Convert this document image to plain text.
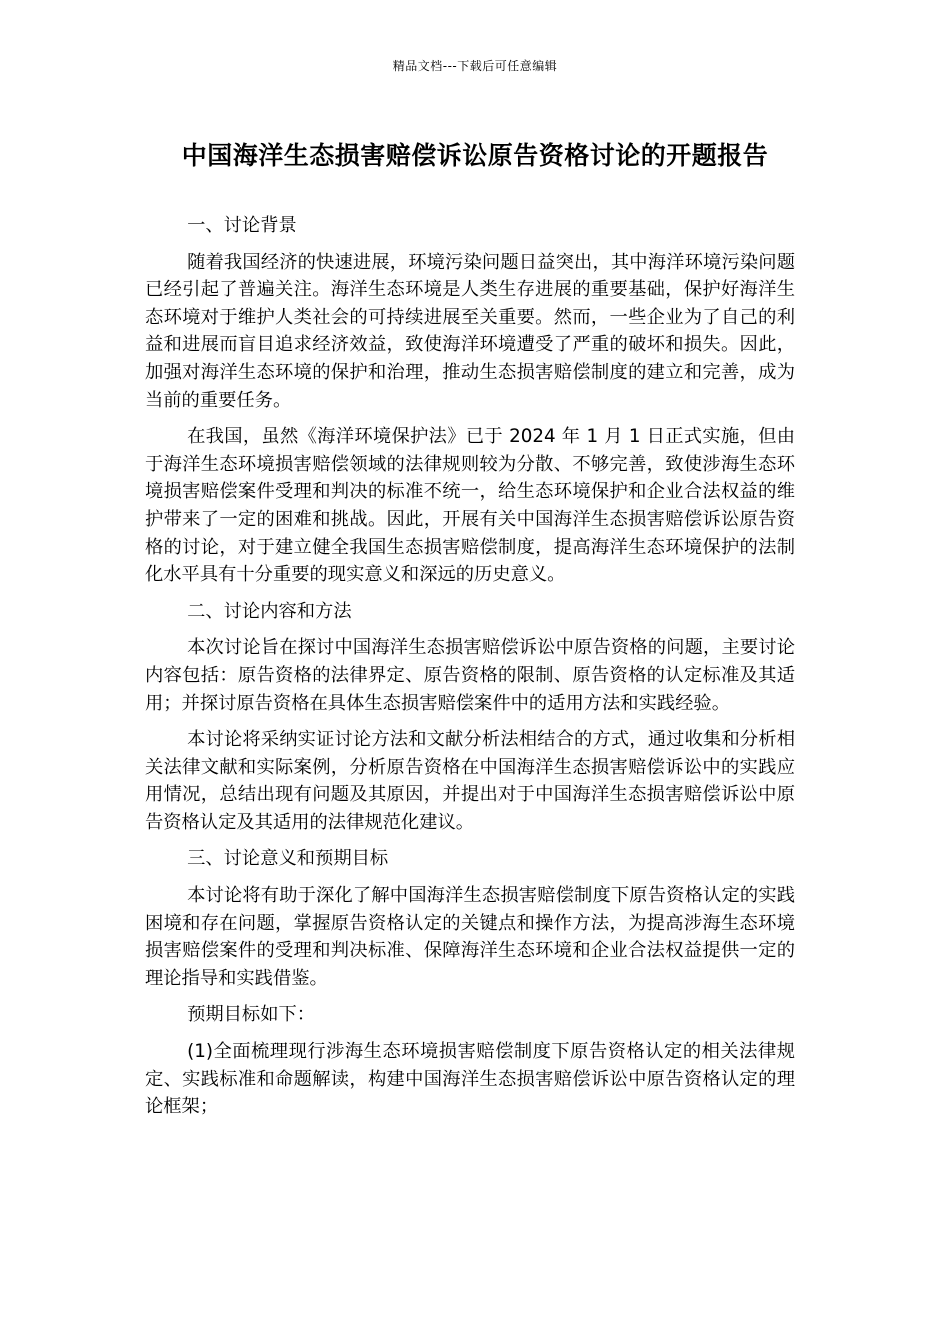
精品文档---下载后可任意编辑
中国海洋生态损害赔偿诉讼原告资格讨论的开题报告

一、讨论背景

随着我国经济的快速进展，环境污染问题日益突出，其中海洋环境污染问题已经引起了普遍关注。海洋生态环境是人类生存进展的重要基础，保护好海洋生态环境对于维护人类社会的可持续进展至关重要。然而，一些企业为了自己的利益和进展而盲目追求经济效益，致使海洋环境遭受了严重的破坏和损失。因此，加强对海洋生态环境的保护和治理，推动生态损害赔偿制度的建立和完善，成为当前的重要任务。

在我国，虽然《海洋环境保护法》已于 2024 年 1 月 1 日正式实施，但由于海洋生态环境损害赔偿领域的法律规则较为分散、不够完善，致使涉海生态环境损害赔偿案件受理和判决的标准不统一，给生态环境保护和企业合法权益的维护带来了一定的困难和挑战。因此，开展有关中国海洋生态损害赔偿诉讼原告资格的讨论，对于建立健全我国生态损害赔偿制度，提高海洋生态环境保护的法制化水平具有十分重要的现实意义和深远的历史意义。

二、讨论内容和方法

本次讨论旨在探讨中国海洋生态损害赔偿诉讼中原告资格的问题，主要讨论内容包括：原告资格的法律界定、原告资格的限制、原告资格的认定标准及其适用；并探讨原告资格在具体生态损害赔偿案件中的适用方法和实践经验。

本讨论将采纳实证讨论方法和文献分析法相结合的方式，通过收集和分析相关法律文献和实际案例，分析原告资格在中国海洋生态损害赔偿诉讼中的实践应用情况，总结出现有问题及其原因，并提出对于中国海洋生态损害赔偿诉讼中原告资格认定及其适用的法律规范化建议。

三、讨论意义和预期目标

本讨论将有助于深化了解中国海洋生态损害赔偿制度下原告资格认定的实践困境和存在问题，掌握原告资格认定的关键点和操作方法，为提高涉海生态环境损害赔偿案件的受理和判决标准、保障海洋生态环境和企业合法权益提供一定的理论指导和实践借鉴。

预期目标如下：

(1)全面梳理现行涉海生态环境损害赔偿制度下原告资格认定的相关法律规定、实践标准和命题解读，构建中国海洋生态损害赔偿诉讼中原告资格认定的理论框架；
